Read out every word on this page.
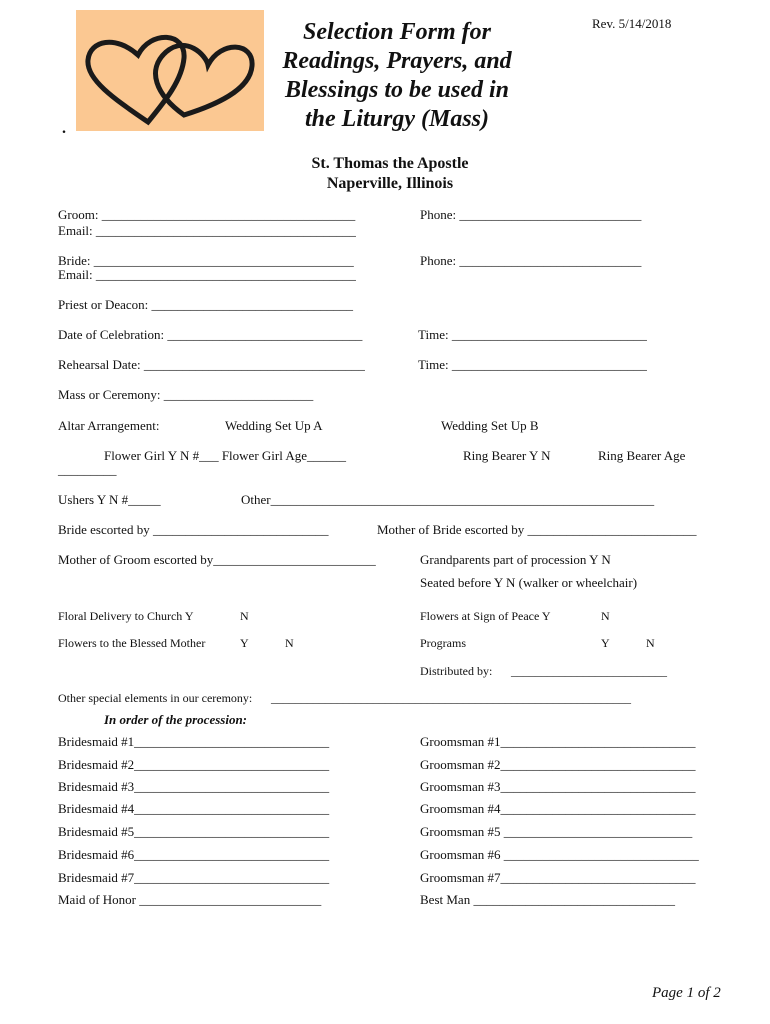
.
Selection Form for
Readings, Prayers, and
Blessings to be used in
the Liturgy (Mass)
Rev. 5/14/2018
St. Thomas the Apostle
Naperville, Illinois
Groom: _______________________________________	Phone: ____________________________
Email: ________________________________________
Bride: ________________________________________	Phone: ____________________________
Email: ________________________________________
Priest or Deacon: _______________________________
Date of Celebration: ______________________________	Time: ______________________________
Rehearsal Date: __________________________________	Time: ______________________________
Mass or Ceremony: _______________________
Altar Arrangement:	Wedding Set Up A	Wedding Set Up B
Flower Girl Y N #___ Flower Girl Age______	Ring Bearer Y N	Ring Bearer Age
_________
Ushers Y N #_____	Other___________________________________________________________
Bride escorted by ___________________________	Mother of Bride escorted by __________________________
Mother of Groom escorted by_________________________	Grandparents part of procession Y N
Seated before Y N (walker or wheelchair)
Floral Delivery to Church Y	N	Flowers at Sign of Peace Y	N
Flowers to the Blessed Mother	Y	N	Programs	Y	N
Distributed by: __________________________
Other special elements in our ceremony: ____________________________________________________________
In order of the procession:
Bridesmaid #1______________________________
Bridesmaid #2______________________________
Bridesmaid #3______________________________
Bridesmaid #4______________________________
Bridesmaid #5______________________________
Bridesmaid #6______________________________
Bridesmaid #7______________________________
Maid of Honor ____________________________
Groomsman #1______________________________
Groomsman #2______________________________
Groomsman #3______________________________
Groomsman #4______________________________
Groomsman #5 _____________________________
Groomsman #6 ______________________________
Groomsman #7______________________________
Best Man _______________________________
Page 1 of 2
